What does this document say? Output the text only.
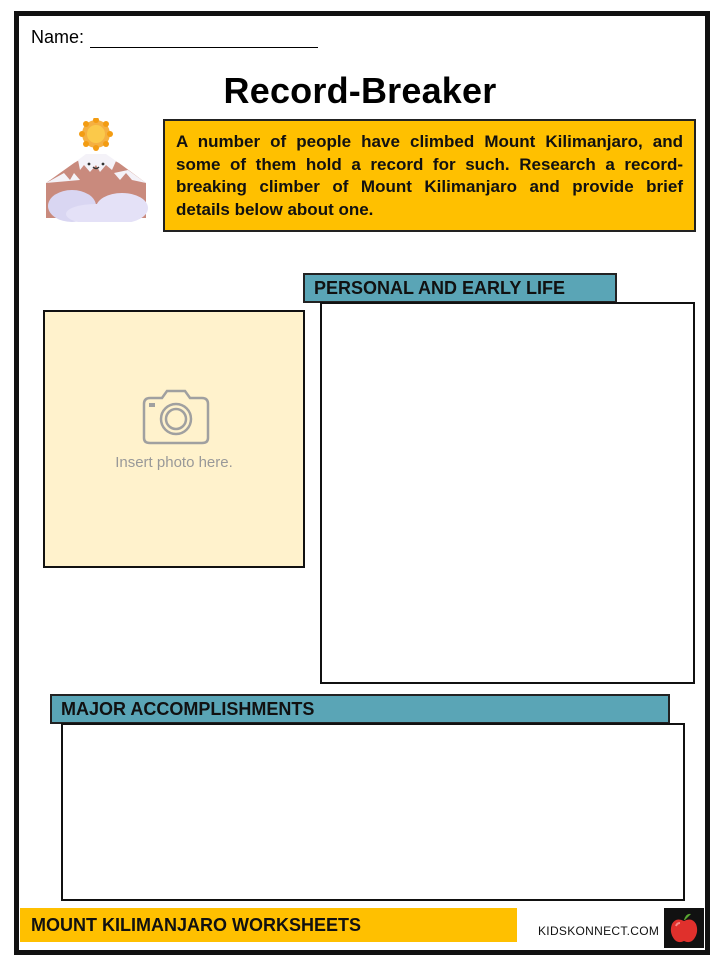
Name:
Record-Breaker
A number of people have climbed Mount Kilimanjaro, and some of them hold a record for such. Research a record-breaking climber of Mount Kilimanjaro and provide brief details below about one.
Insert photo here.
PERSONAL AND EARLY LIFE
MAJOR ACCOMPLISHMENTS
MOUNT KILIMANJARO WORKSHEETS	KIDSKONNECT.COM
